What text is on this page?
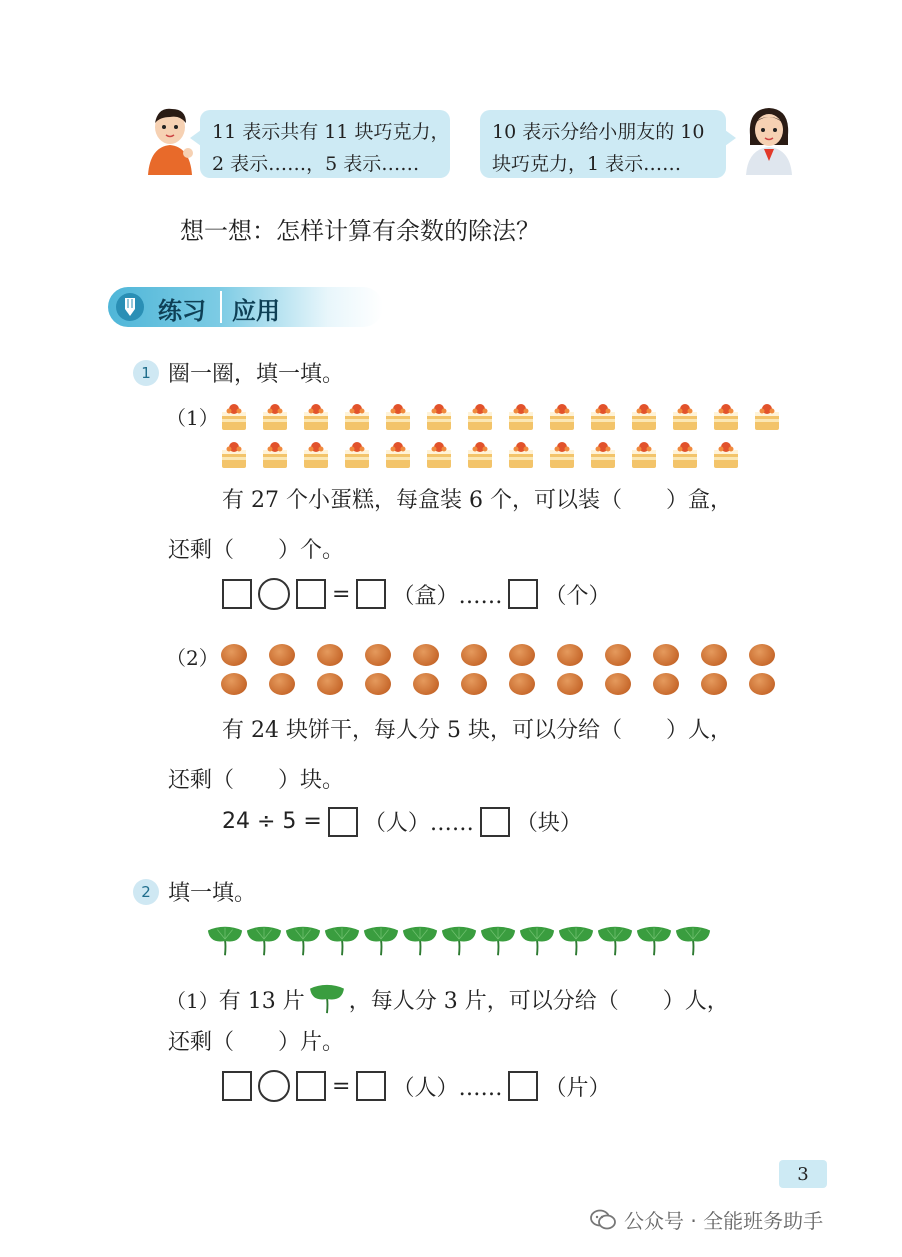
11 表示共有 11 块巧克力，
2 表示……，5 表示……
10 表示分给小朋友的 10
块巧克力，1 表示……
想一想：怎样计算有余数的除法？
练习 应用
1 圈一圈，填一填。
（1）
有 27 个小蛋糕，每盒装 6 个，可以装（　　）盒，
还剩（　　）个。
= （盒）…… （个）
（2）
有 24 块饼干，每人分 5 块，可以分给（　　）人，
还剩（　　）块。
24 ÷ 5 = （人）…… （块）
2 填一填。
（1） 有 13 片 ，每人分 3 片，可以分给（　　）人，
还剩（　　）片。
= （人）…… （片）
3
公众号 · 全能班务助手
